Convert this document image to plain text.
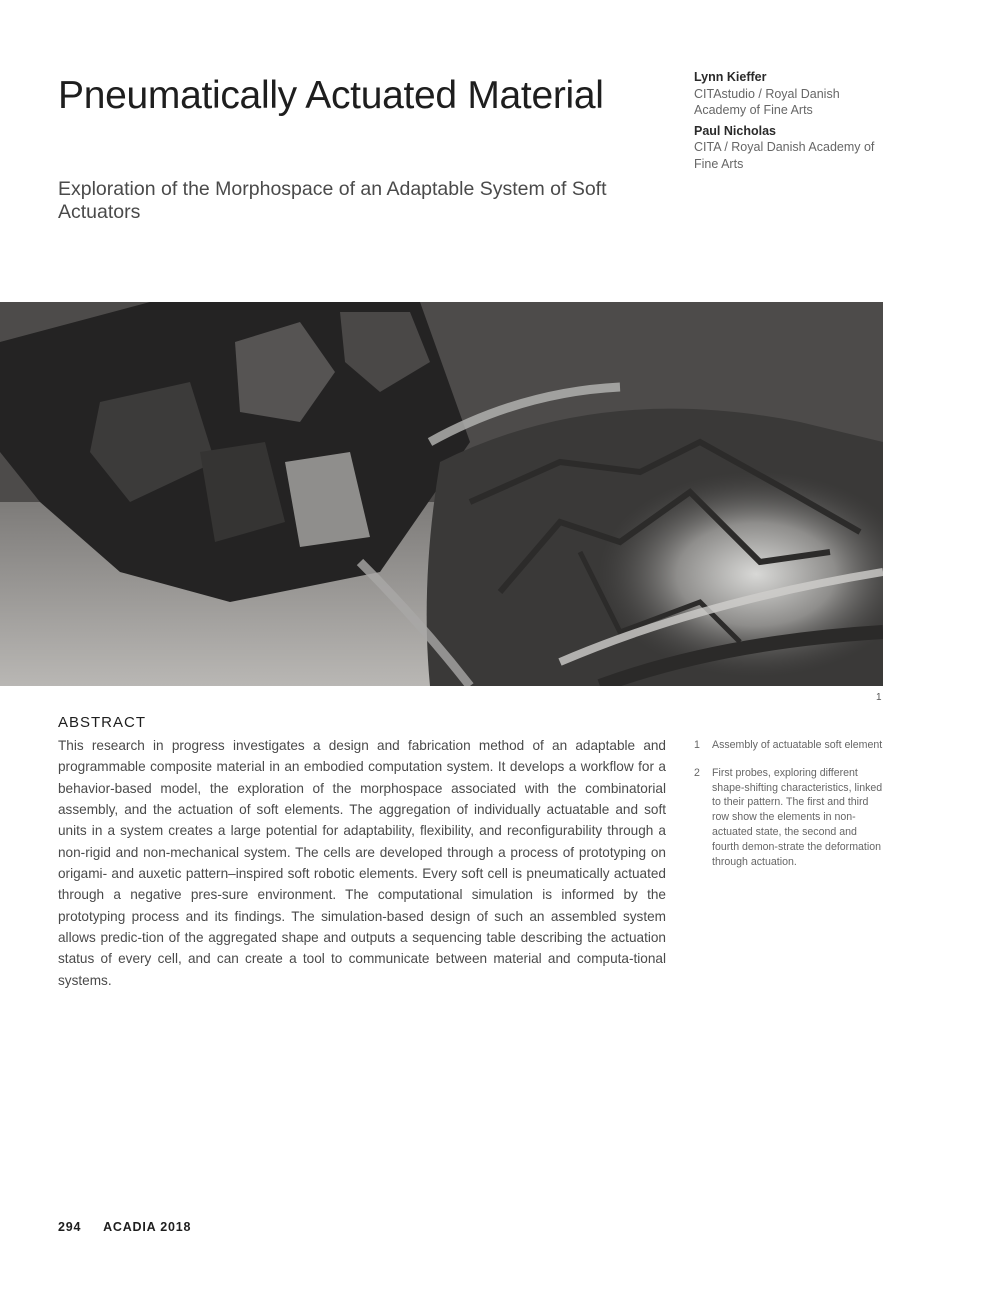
Pneumatically Actuated Material
Exploration of the Morphospace of an Adaptable System of Soft Actuators
Lynn Kieffer
CITAstudio / Royal Danish Academy of Fine Arts
Paul Nicholas
CITA / Royal Danish Academy of Fine Arts
1
ABSTRACT

This research in progress investigates a design and fabrication method of an adaptable and programmable composite material in an embodied computation system. It develops a workflow for a behavior-based model, the exploration of the morphospace associated with the combinatorial assembly, and the actuation of soft elements. The aggregation of individually actuatable and soft units in a system creates a large potential for adaptability, flexibility, and reconfigurability through a non-rigid and non-mechanical system. The cells are developed through a process of prototyping on origami- and auxetic pattern–inspired soft robotic elements. Every soft cell is pneumatically actuated through a negative pres-sure environment. The computational simulation is informed by the prototyping process and its findings. The simulation-based design of such an assembled system allows predic-tion of the aggregated shape and outputs a sequencing table describing the actuation status of every cell, and can create a tool to communicate between material and computa-tional systems.

1	Assembly of actuatable soft element
2	First probes, exploring different shape-shifting characteristics, linked to their pattern. The first and third row show the elements in non-actuated state, the second and fourth demon-strate the deformation through actuation.
294 ACADIA 2018
